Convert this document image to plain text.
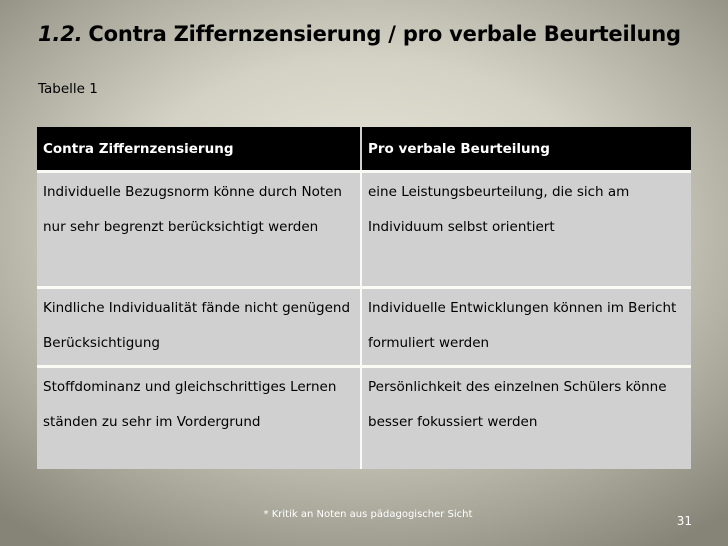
1.2. Contra Ziffernzensierung / pro verbale Beurteilung
Tabelle 1
Contra Ziffernzensierung	Pro verbale Beurteilung

Individuelle Bezugsnorm könne durch Noten nur sehr begrenzt berücksichtigt werden	eine Leistungsbeurteilung, die sich am Individuum selbst orientiert

Kindliche Individualität fände nicht genügend Berücksichtigung	Individuelle Entwicklungen können im Bericht formuliert werden

Stoffdominanz und gleichschrittiges Lernen ständen zu sehr im Vordergrund	Persönlichkeit des einzelnen Schülers könne besser fokussiert werden
* Kritik an Noten aus pädagogischer Sicht	31
